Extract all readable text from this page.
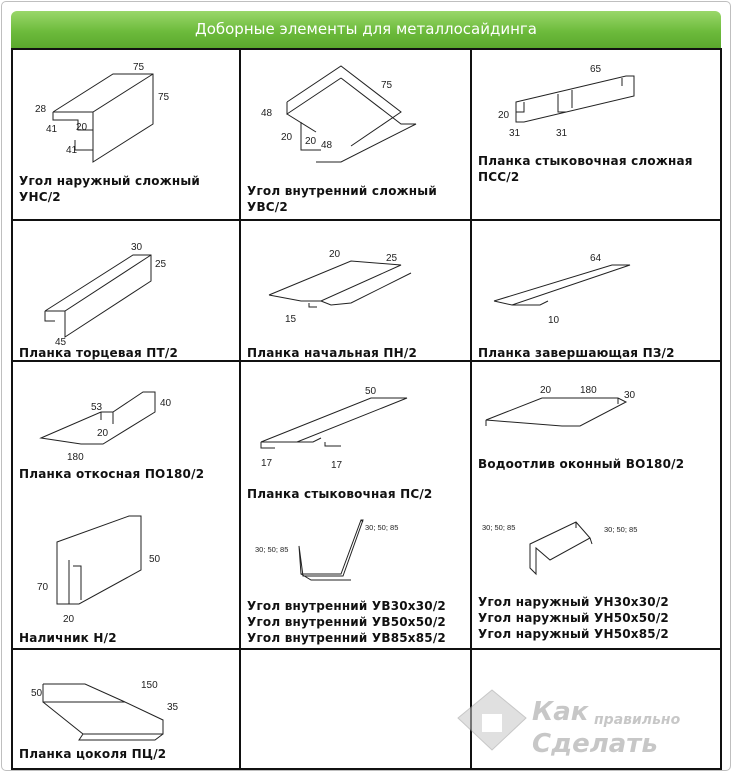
Доборные элементы для металлосайдинга
75
75
28
41 20
41
Угол наружный сложный
УНС/2
75
48
20 20 48
Угол внутренний сложный
УВС/2
65
20
31	31
Планка стыковочная сложная
ПСС/2
30
25
45
Планка торцевая ПТ/2
20	25
15
Планка начальная ПН/2
64
10
Планка завершающая ПЗ/2
53	40
20
180
Планка откосная ПО180/2
50
17	17
Планка стыковочная ПС/2
20	180	30
Водоотлив оконный ВО180/2
50
70
20
Наличник Н/2
30; 50; 85
30; 50; 85
Угол внутренний УВ30х30/2
Угол внутренний УВ50х50/2
Угол внутренний УВ85х85/2
30; 50; 85	30; 50; 85
Угол наружный УН30х30/2
Угол наружный УН50х50/2
Угол наружный УН50х85/2
150
50
35
Планка цоколя ПЦ/2
Как правильно
Сделать
